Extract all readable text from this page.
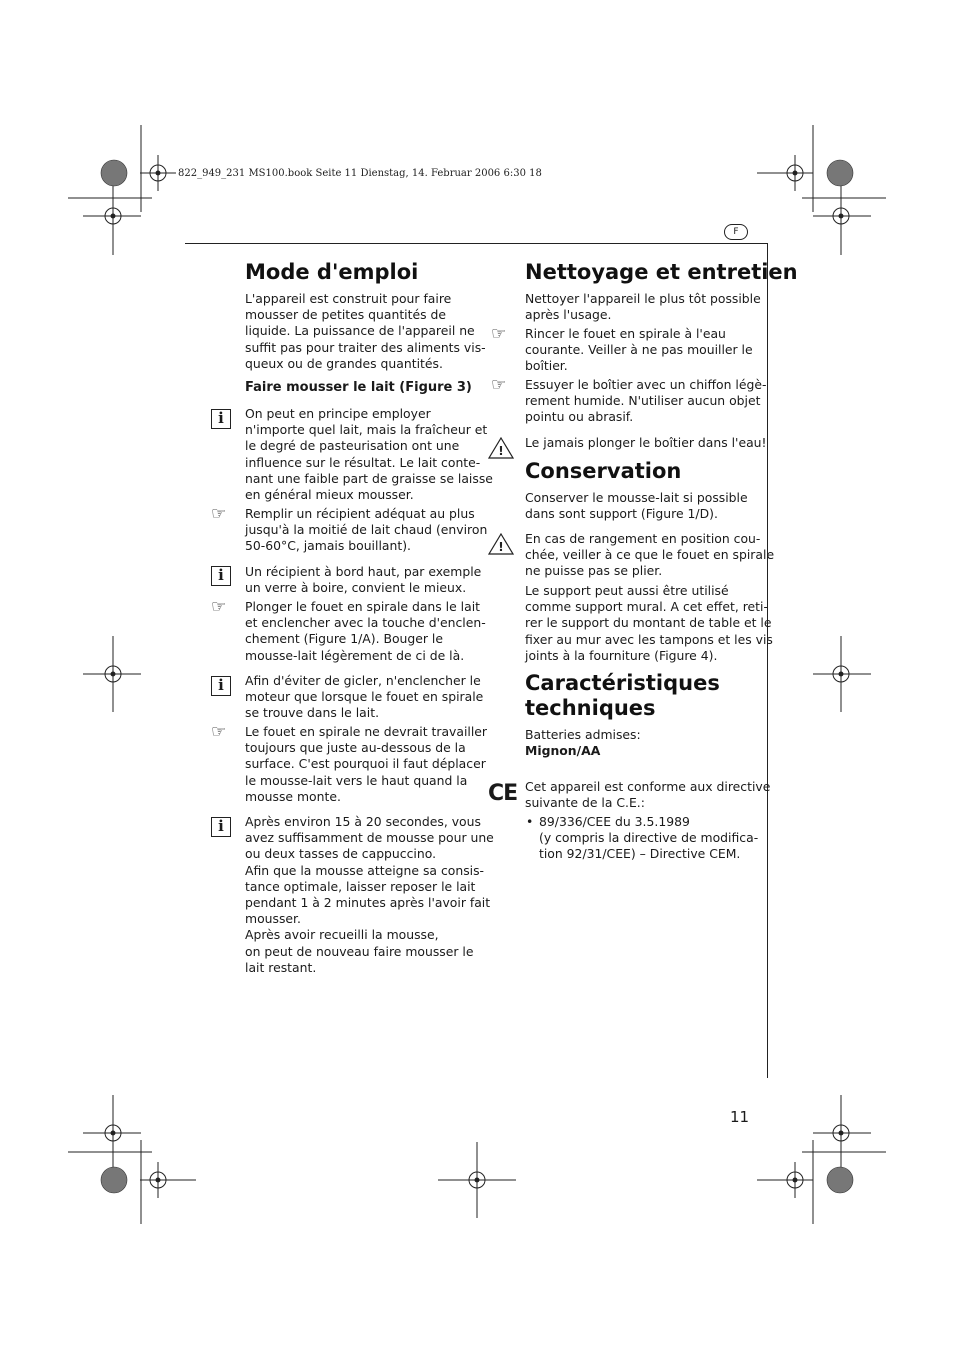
822_949_231 MS100.book Seite 11 Dienstag, 14. Februar 2006 6:30 18
F
Mode d'emploi

L'appareil est construit pour faire

mousser de petites quantités de

liquide. La puissance de l'appareil ne

suffit pas pour traiter des aliments vis-

queux ou de grandes quantités.

Faire mousser le lait (Figure 3)

i	On peut en principe employer

n'importe quel lait, mais la fraîcheur et

le degré de pasteurisation ont une

influence sur le résultat. Le lait conte-

nant une faible part de graisse se laisse

en général mieux mousser.

☞ Remplir un récipient adéquat au plus

jusqu'à la moitié de lait chaud (environ

50-60°C, jamais bouillant).

i	Un récipient à bord haut, par exemple

un verre à boire, convient le mieux.

☞ Plonger le fouet en spirale dans le lait

et enclencher avec la touche d'enclen-

chement (Figure 1/A). Bouger le

mousse-lait légèrement de ci de là.

i	Afin d'éviter de gicler, n'enclencher le

moteur que lorsque le fouet en spirale

se trouve dans le lait.

☞ Le fouet en spirale ne devrait travailler

toujours que juste au-dessous de la

surface. C'est pourquoi il faut déplacer

le mousse-lait vers le haut quand la

mousse monte.

i	Après environ 15 à 20 secondes, vous

avez suffisamment de mousse pour une

ou deux tasses de cappuccino.

Afin que la mousse atteigne sa consis-

tance optimale, laisser reposer le lait

pendant 1 à 2 minutes après l'avoir fait

mousser.

Après avoir recueilli la mousse,

on peut de nouveau faire mousser le

lait restant.

Nettoyage et entretien

Nettoyer l'appareil le plus tôt possible

après l'usage.

☞ Rincer le fouet en spirale à l'eau

courante. Veiller à ne pas mouiller le

boîtier.

☞ Essuyer le boîtier avec un chiffon légè-

rement humide. N'utiliser aucun objet

pointu ou abrasif.

!

Le jamais plonger le boîtier dans l'eau!

Conservation

Conserver le mousse-lait si possible

dans sont support (Figure 1/D).

!

En cas de rangement en position cou-

chée, veiller à ce que le fouet en spirale

ne puisse pas se plier.

Le support peut aussi être utilisé

comme support mural. A cet effet, reti-

rer le support du montant de table et le

fixer au mur avec les tampons et les vis

joints à la fourniture (Figure 4).

Caractéristiques
techniques

Batteries admises:

Mignon/AA

CE Cet appareil est conforme aux directive

suivante de la C.E.:

• 89/336/CEE du 3.5.1989

(y compris la directive de modifica-

tion 92/31/CEE) – Directive CEM.

11
